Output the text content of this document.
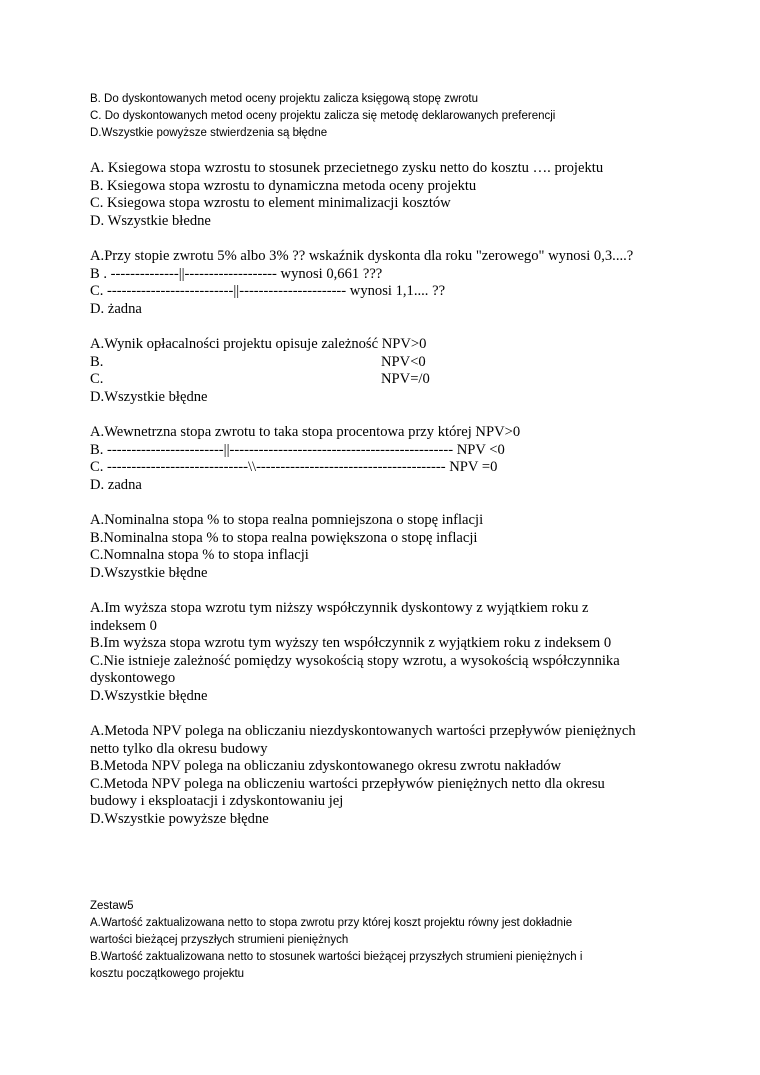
B. Do dyskontowanych metod oceny projektu zalicza księgową stopę zwrotu
C. Do dyskontowanych metod oceny projektu zalicza się metodę deklarowanych preferencji
D.Wszystkie powyższe stwierdzenia są błędne
A. Ksiegowa stopa wzrostu to stosunek przecietnego zysku netto do kosztu …. projektu
B. Ksiegowa stopa wzrostu to dynamiczna metoda oceny projektu
C. Ksiegowa stopa wzrostu to element minimalizacji kosztów
D. Wszystkie błedne
A.Przy stopie zwrotu 5% albo 3% ?? wskaźnik dyskonta dla roku "zerowego" wynosi 0,3....?
B . --------------||------------------- wynosi 0,661 ???
C. --------------------------||---------------------- wynosi 1,1.... ??
D. żadna
A.Wynik opłacalności projektu opisuje zależność NPV>0
B.	NPV<0
C.	NPV=/0
D.Wszystkie błędne
A.Wewnetrzna stopa zwrotu to taka stopa procentowa przy której NPV>0
B. ------------------------||---------------------------------------------- NPV <0
C. -----------------------------\\--------------------------------------- NPV =0
D. zadna
A.Nominalna stopa % to stopa realna pomniejszona o stopę inflacji
B.Nominalna stopa % to stopa realna powiększona o stopę inflacji
C.Nomnalna stopa % to stopa inflacji
D.Wszystkie błędne
A.Im wyższa stopa wzrotu tym niższy współczynnik dyskontowy z wyjątkiem roku z
indeksem 0
B.Im wyższa stopa wzrotu tym wyższy ten współczynnik z wyjątkiem roku z indeksem 0
C.Nie istnieje zależność pomiędzy wysokością stopy wzrotu, a wysokością współczynnika
dyskontowego
D.Wszystkie błędne
A.Metoda NPV polega na obliczaniu niezdyskontowanych wartości przepływów pieniężnych
netto tylko dla okresu budowy
B.Metoda NPV polega na obliczaniu zdyskontowanego okresu zwrotu nakładów
C.Metoda NPV polega na obliczeniu wartości przepływów pieniężnych netto dla okresu
budowy i eksploatacji i zdyskontowaniu jej
D.Wszystkie powyższe błędne
Zestaw5
A.Wartość zaktualizowana netto to stopa zwrotu przy której koszt projektu równy jest dokładnie
wartości bieżącej przyszłych strumieni pieniężnych
B.Wartość zaktualizowana netto to stosunek wartości bieżącej przyszłych strumieni pieniężnych i
kosztu początkowego projektu
